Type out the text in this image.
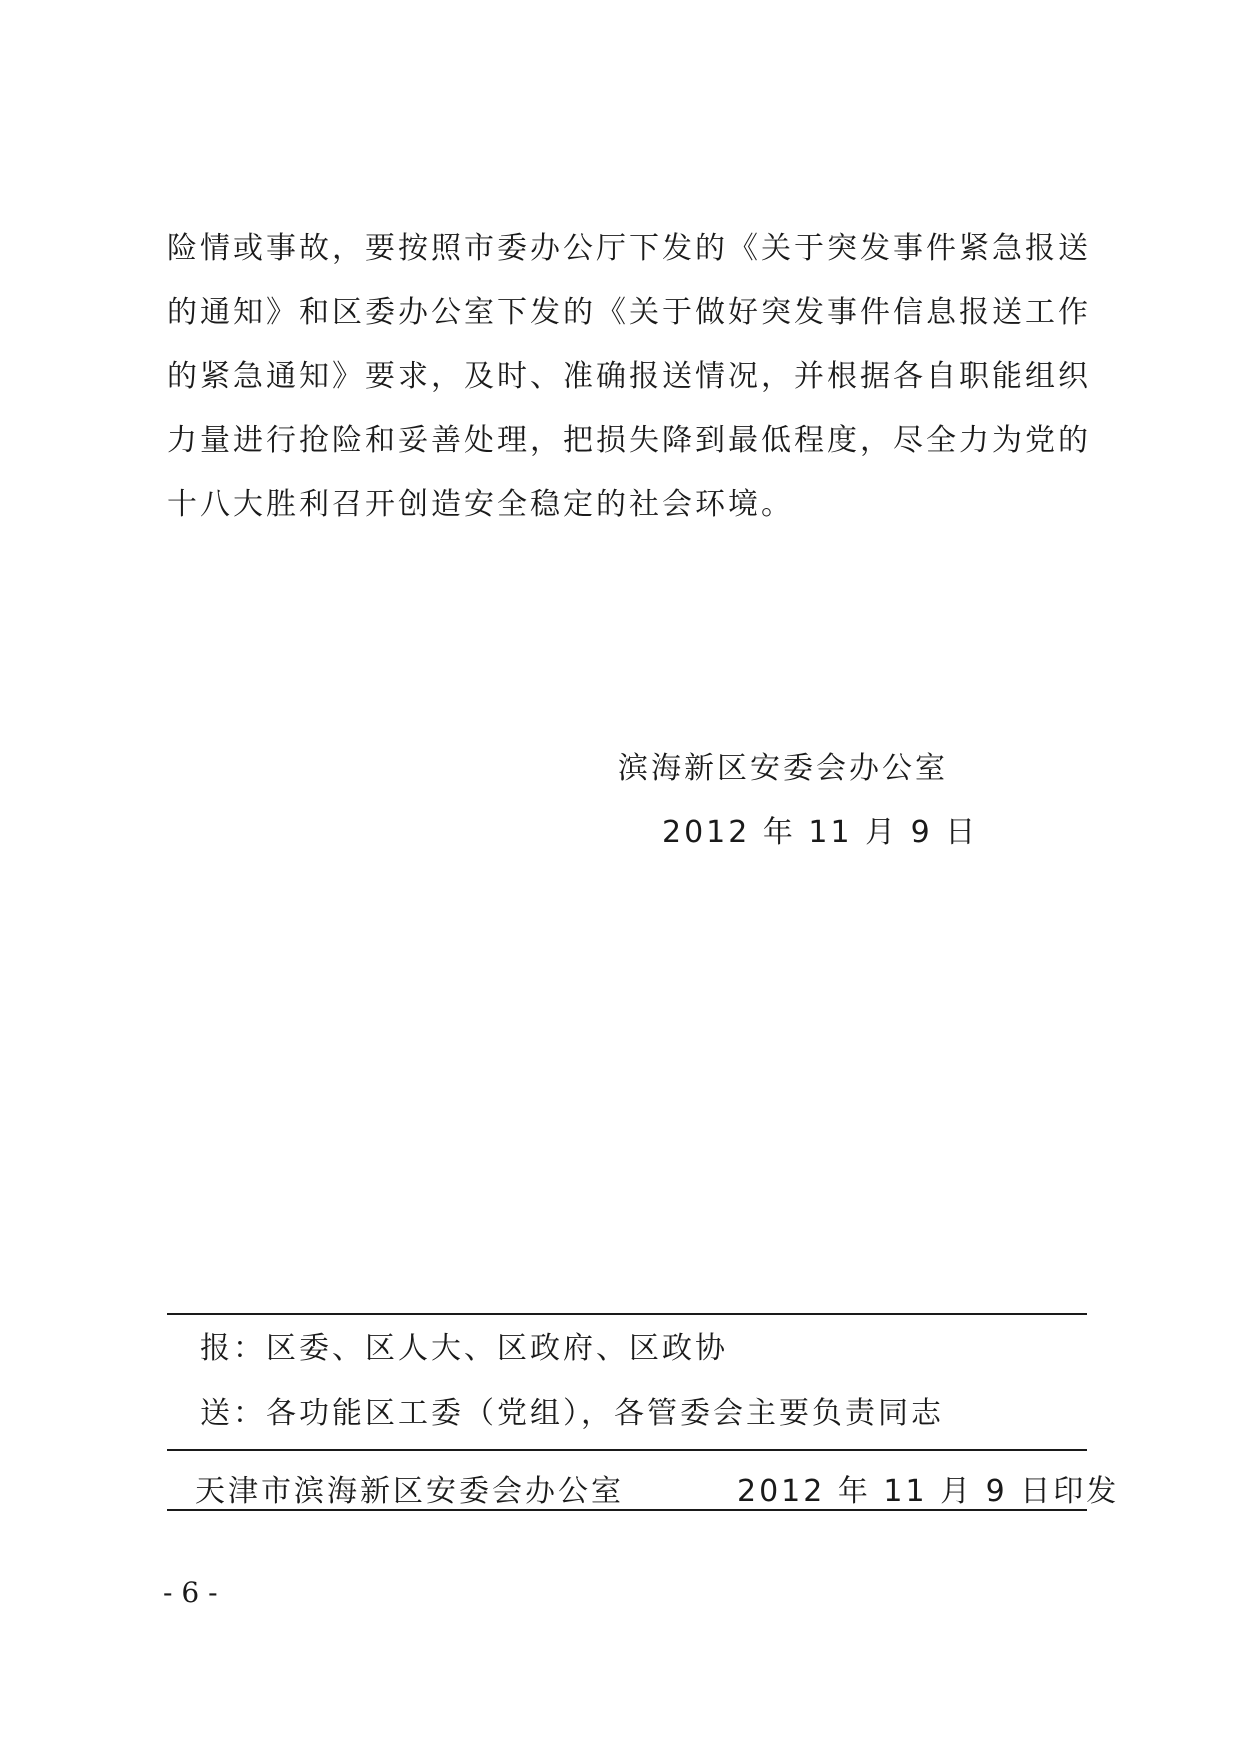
险情或事故，要按照市委办公厅下发的《关于突发事件紧急报送
的通知》和区委办公室下发的《关于做好突发事件信息报送工作
的紧急通知》要求，及时、准确报送情况，并根据各自职能组织
力量进行抢险和妥善处理，把损失降到最低程度，尽全力为党的
十八大胜利召开创造安全稳定的社会环境。
滨海新区安委会办公室
2012 年 11 月 9 日
报：区委、区人大、区政府、区政协
送：各功能区工委（党组），各管委会主要负责同志
天津市滨海新区安委会办公室	2012 年 11 月 9 日印发
- 6 -
